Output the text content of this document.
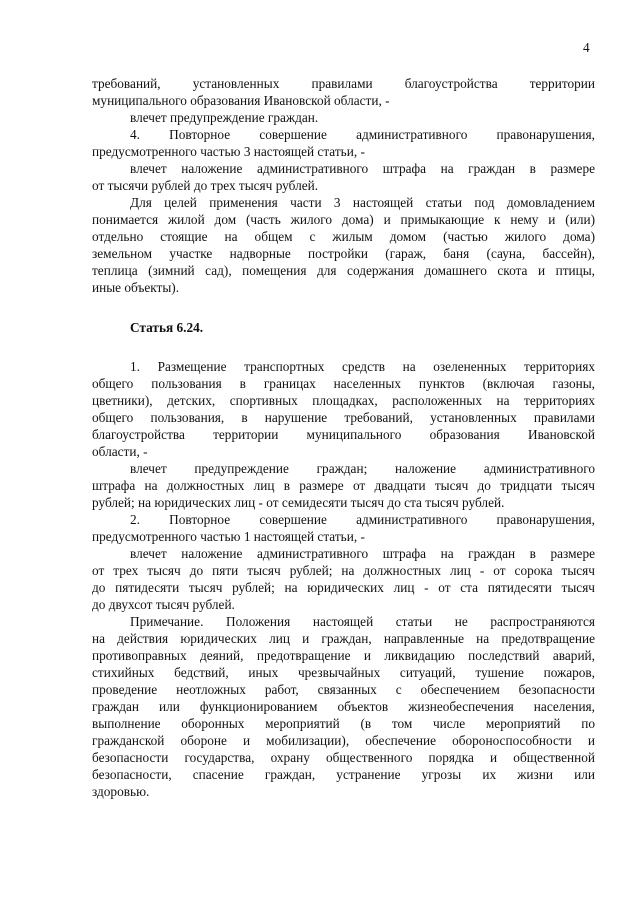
4
требований, установленных правилами благоустройства территории
муниципального образования Ивановской области, -
влечет предупреждение граждан.
4. Повторное совершение административного правонарушения,
предусмотренного частью 3 настоящей статьи, -
влечет наложение административного штрафа на граждан в размере
от тысячи рублей до трех тысяч рублей.
Для целей применения части 3 настоящей статьи под домовладением
понимается жилой дом (часть жилого дома) и примыкающие к нему и (или)
отдельно стоящие на общем с жилым домом (частью жилого дома)
земельном участке надворные постройки (гараж, баня (сауна, бассейн),
теплица (зимний сад), помещения для содержания домашнего скота и птицы,
иные объекты).
Статья 6.24.
1. Размещение транспортных средств на озелененных территориях
общего пользования в границах населенных пунктов (включая газоны,
цветники), детских, спортивных площадках, расположенных на территориях
общего пользования, в нарушение требований, установленных правилами
благоустройства территории муниципального образования Ивановской
области, -
влечет предупреждение граждан; наложение административного
штрафа на должностных лиц в размере от двадцати тысяч до тридцати тысяч
рублей; на юридических лиц - от семидесяти тысяч до ста тысяч рублей.
2. Повторное совершение административного правонарушения,
предусмотренного частью 1 настоящей статьи, -
влечет наложение административного штрафа на граждан в размере
от трех тысяч до пяти тысяч рублей; на должностных лиц - от сорока тысяч
до пятидесяти тысяч рублей; на юридических лиц - от ста пятидесяти тысяч
до двухсот тысяч рублей.
Примечание. Положения настоящей статьи не распространяются
на действия юридических лиц и граждан, направленные на предотвращение
противоправных деяний, предотвращение и ликвидацию последствий аварий,
стихийных бедствий, иных чрезвычайных ситуаций, тушение пожаров,
проведение неотложных работ, связанных с обеспечением безопасности
граждан или функционированием объектов жизнеобеспечения населения,
выполнение оборонных мероприятий (в том числе мероприятий по
гражданской обороне и мобилизации), обеспечение обороноспособности и
безопасности государства, охрану общественного порядка и общественной
безопасности, спасение граждан, устранение угрозы их жизни или
здоровью.
